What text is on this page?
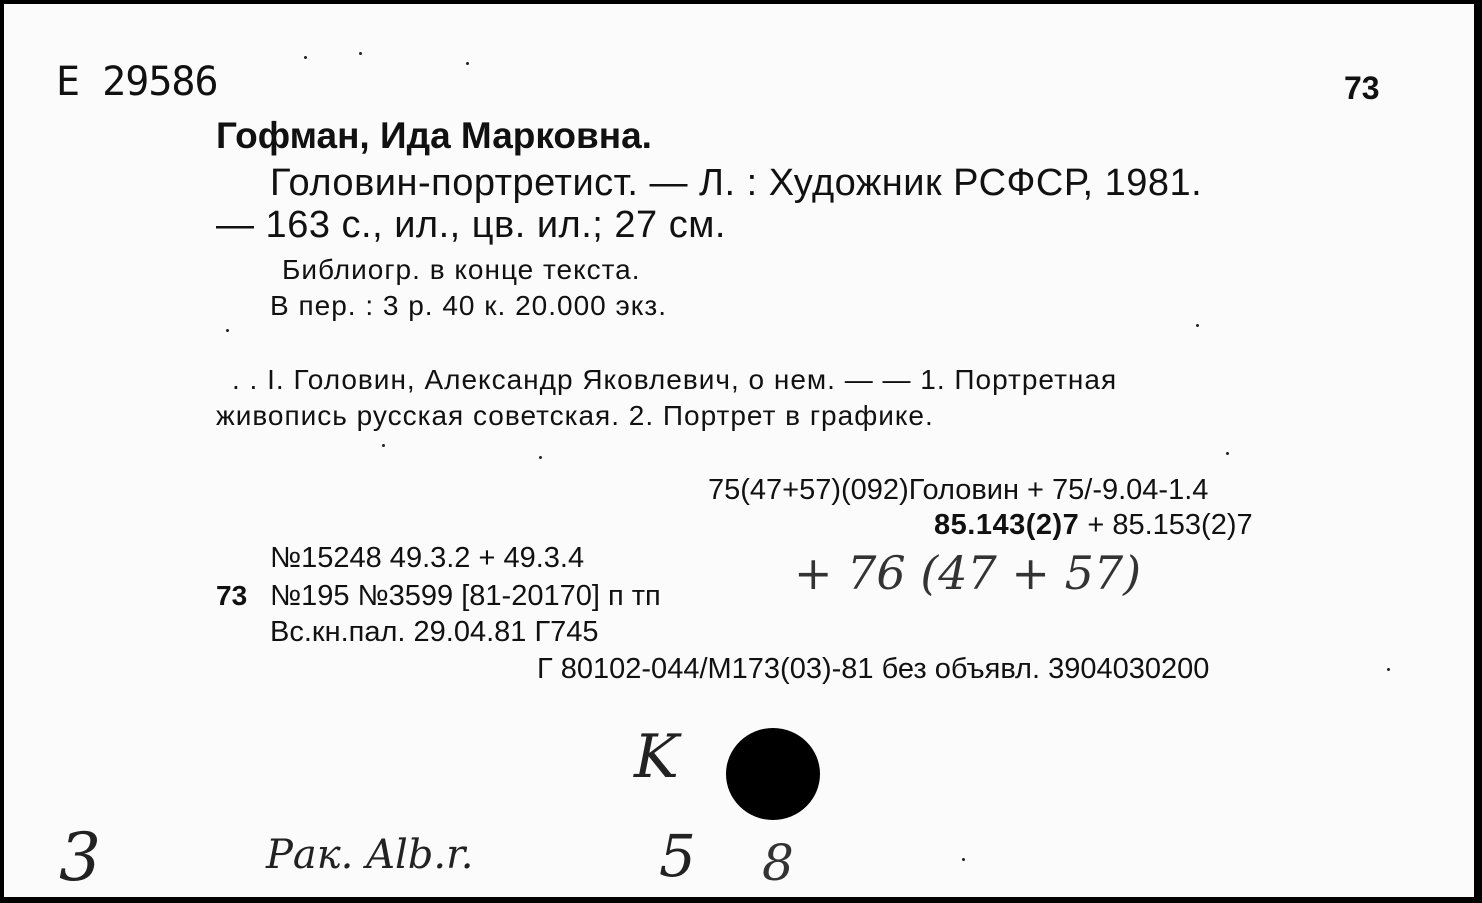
Е 29586	73
Гофман, Ида Марковна.
Головин-портретист. — Л. : Художник РСФСР, 1981.
— 163 с., ил., цв. ил.; 27 см.
Библиогр. в конце текста.
В пер. : 3 р. 40 к. 20.000 экз.
. . I. Головин, Александр Яковлевич, о нем. — — 1. Портретная
живопись русская советская. 2. Портрет в графике.
75(47+57)(092)Головин + 75/-9.04-1.4
85.143(2)7 + 85.153(2)7
№15248 49.3.2 + 49.3.4
73 №195 №3599 [81-20170] п тп
Вс.кн.пал. 29.04.81 Г745
Г 80102-044/М173(03)-81 без объявл. 3904030200
+ 76 (47 + 57)
K
3	Рак. Alb.r.	5 8
